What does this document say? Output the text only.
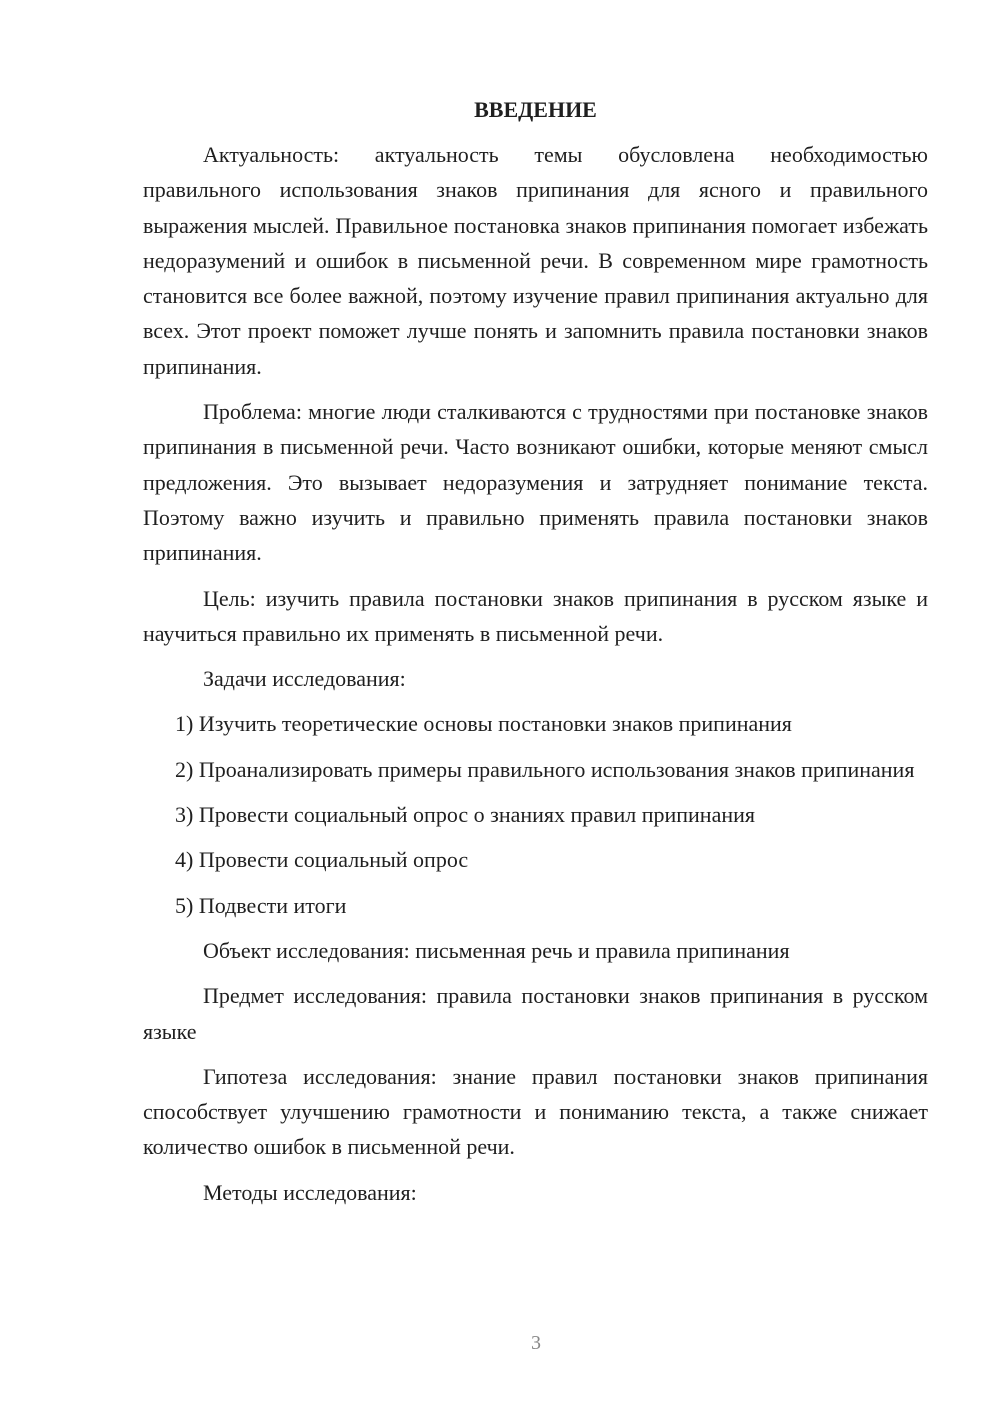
ВВЕДЕНИЕ

Актуальность: актуальность темы обусловлена необходимостью правильного использования знаков припинания для ясного и правильного выражения мыслей. Правильное постановка знаков припинания помогает избежать недоразумений и ошибок в письменной речи. В современном мире грамотность становится все более важной, поэтому изучение правил припинания актуально для всех. Этот проект поможет лучше понять и запомнить правила постановки знаков припинания.

Проблема: многие люди сталкиваются с трудностями при постановке знаков припинания в письменной речи. Часто возникают ошибки, которые меняют смысл предложения. Это вызывает недоразумения и затрудняет понимание текста. Поэтому важно изучить и правильно применять правила постановки знаков припинания.

Цель: изучить правила постановки знаков припинания в русском языке и научиться правильно их применять в письменной речи.

Задачи исследования:

1) Изучить теоретические основы постановки знаков припинания

2) Проанализировать примеры правильного использования знаков припинания

3) Провести социальный опрос о знаниях правил припинания

4) Провести социальный опрос

5) Подвести итоги

Объект исследования: письменная речь и правила припинания

Предмет исследования: правила постановки знаков припинания в русском языке

Гипотеза исследования: знание правил постановки знаков припинания способствует улучшению грамотности и пониманию текста, а также снижает количество ошибок в письменной речи.

Методы исследования:

3
